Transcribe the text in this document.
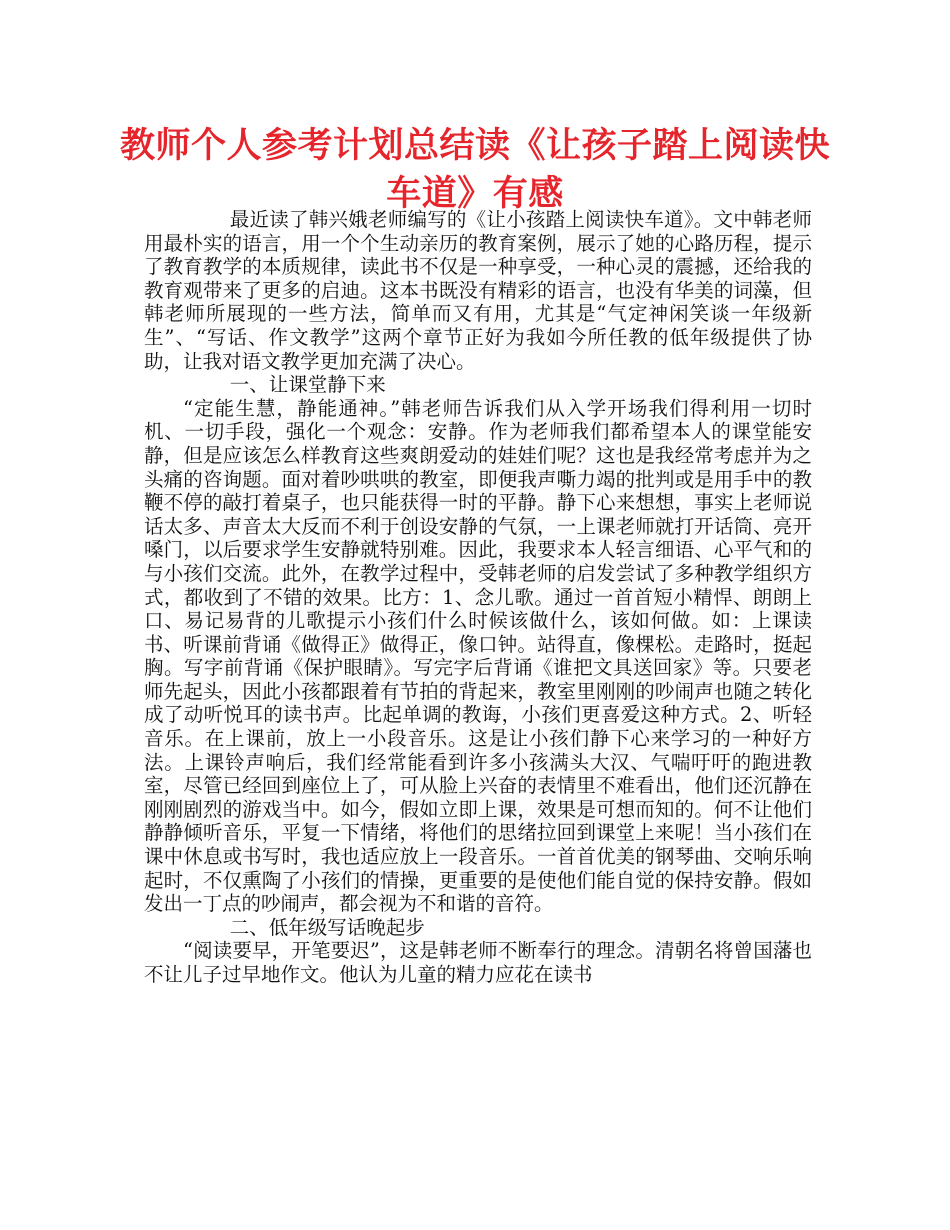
教师个人参考计划总结读《让孩子踏上阅读快车道》有感

最近读了韩兴娥老师编写的《让小孩踏上阅读快车道》。文中韩老师用最朴实的语言，用一个个生动亲历的教育案例，展示了她的心路历程，提示了教育教学的本质规律，读此书不仅是一种享受，一种心灵的震撼，还给我的教育观带来了更多的启迪。这本书既没有精彩的语言，也没有华美的词藻，但韩老师所展现的一些方法，简单而又有用，尤其是“气定神闲笑谈一年级新生”、“写话、作文教学”这两个章节正好为我如今所任教的低年级提供了协助，让我对语文教学更加充满了决心。

一、让课堂静下来

“定能生慧，静能通神。”韩老师告诉我们从入学开场我们得利用一切时机、一切手段，强化一个观念：安静。作为老师我们都希望本人的课堂能安静，但是应该怎么样教育这些爽朗爱动的娃娃们呢？这也是我经常考虑并为之头痛的咨询题。面对着吵哄哄的教室，即便我声嘶力竭的批判或是用手中的教鞭不停的敲打着桌子，也只能获得一时的平静。静下心来想想，事实上老师说话太多、声音太大反而不利于创设安静的气氛，一上课老师就打开话筒、亮开嗓门，以后要求学生安静就特别难。因此，我要求本人轻言细语、心平气和的与小孩们交流。此外，在教学过程中，受韩老师的启发尝试了多种教学组织方式，都收到了不错的效果。比方：1、念儿歌。通过一首首短小精悍、朗朗上口、易记易背的儿歌提示小孩们什么时候该做什么，该如何做。如：上课读书、听课前背诵《做得正》做得正，像口钟。站得直，像棵松。走路时，挺起胸。写字前背诵《保护眼睛》。写完字后背诵《谁把文具送回家》等。只要老师先起头，因此小孩都跟着有节拍的背起来，教室里刚刚的吵闹声也随之转化成了动听悦耳的读书声。比起单调的教诲，小孩们更喜爱这种方式。2、听轻音乐。在上课前，放上一小段音乐。这是让小孩们静下心来学习的一种好方法。上课铃声响后，我们经常能看到许多小孩满头大汉、气喘吁吁的跑进教室，尽管已经回到座位上了，可从脸上兴奋的表情里不难看出，他们还沉静在刚刚剧烈的游戏当中。如今，假如立即上课，效果是可想而知的。何不让他们静静倾听音乐，平复一下情绪，将他们的思绪拉回到课堂上来呢！当小孩们在课中休息或书写时，我也适应放上一段音乐。一首首优美的钢琴曲、交响乐响起时，不仅熏陶了小孩们的情操，更重要的是使他们能自觉的保持安静。假如发出一丁点的吵闹声，都会视为不和谐的音符。

二、低年级写话晚起步

“阅读要早，开笔要迟”，这是韩老师不断奉行的理念。清朝名将曾国藩也不让儿子过早地作文。他认为儿童的精力应花在读书
